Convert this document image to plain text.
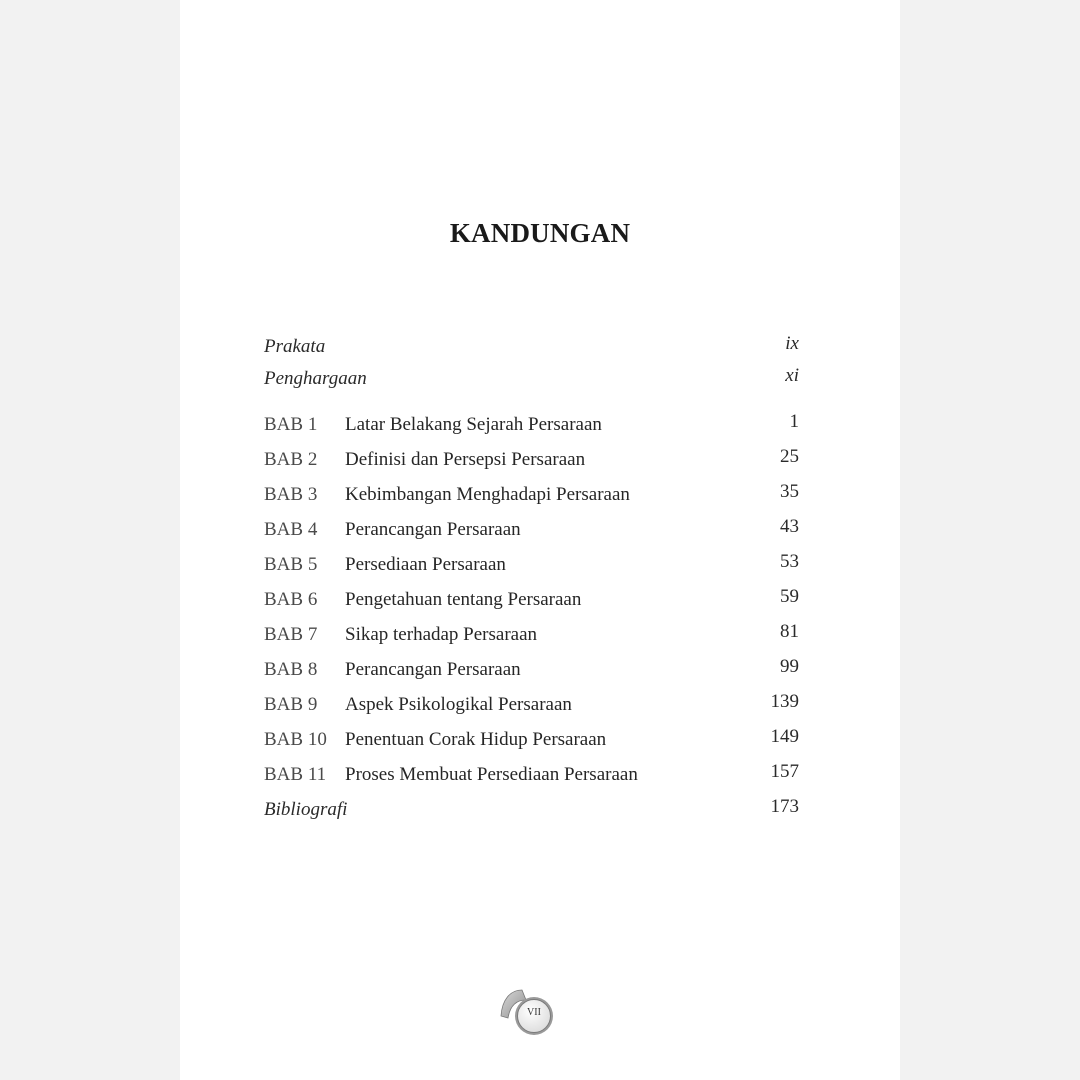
KANDUNGAN
Prakata	ix
Penghargaan	xi
BAB 1 Latar Belakang Sejarah Persaraan	1
BAB 2 Definisi dan Persepsi Persaraan	25
BAB 3 Kebimbangan Menghadapi Persaraan	35
BAB 4 Perancangan Persaraan	43
BAB 5 Persediaan Persaraan	53
BAB 6 Pengetahuan tentang Persaraan	59
BAB 7 Sikap terhadap Persaraan	81
BAB 8 Perancangan Persaraan	99
BAB 9 Aspek Psikologikal Persaraan	139
BAB 10 Penentuan Corak Hidup Persaraan	149
BAB 11 Proses Membuat Persediaan Persaraan	157
Bibliografi	173
VII
